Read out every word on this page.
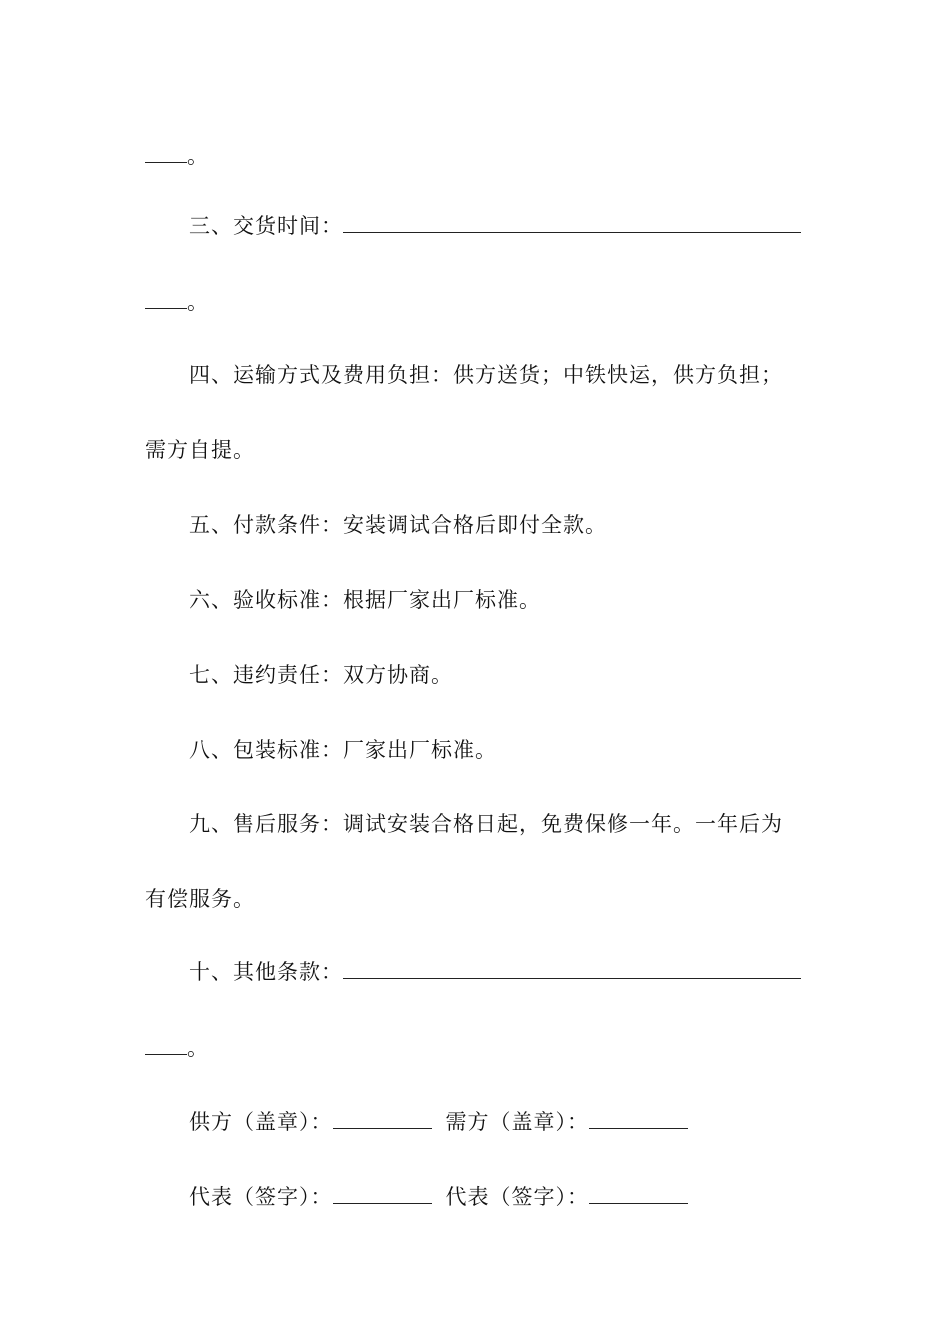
。
三、交货时间：
。
四、运输方式及费用负担：供方送货；中铁快运，供方负担；
需方自提。
五、付款条件：安装调试合格后即付全款。
六、验收标准：根据厂家出厂标准。
七、违约责任：双方协商。
八、包装标准：厂家出厂标准。
九、售后服务：调试安装合格日起，免费保修一年。一年后为
有偿服务。
十、其他条款：
。
供方（盖章）：	需方（盖章）：
代表（签字）：	代表（签字）：
